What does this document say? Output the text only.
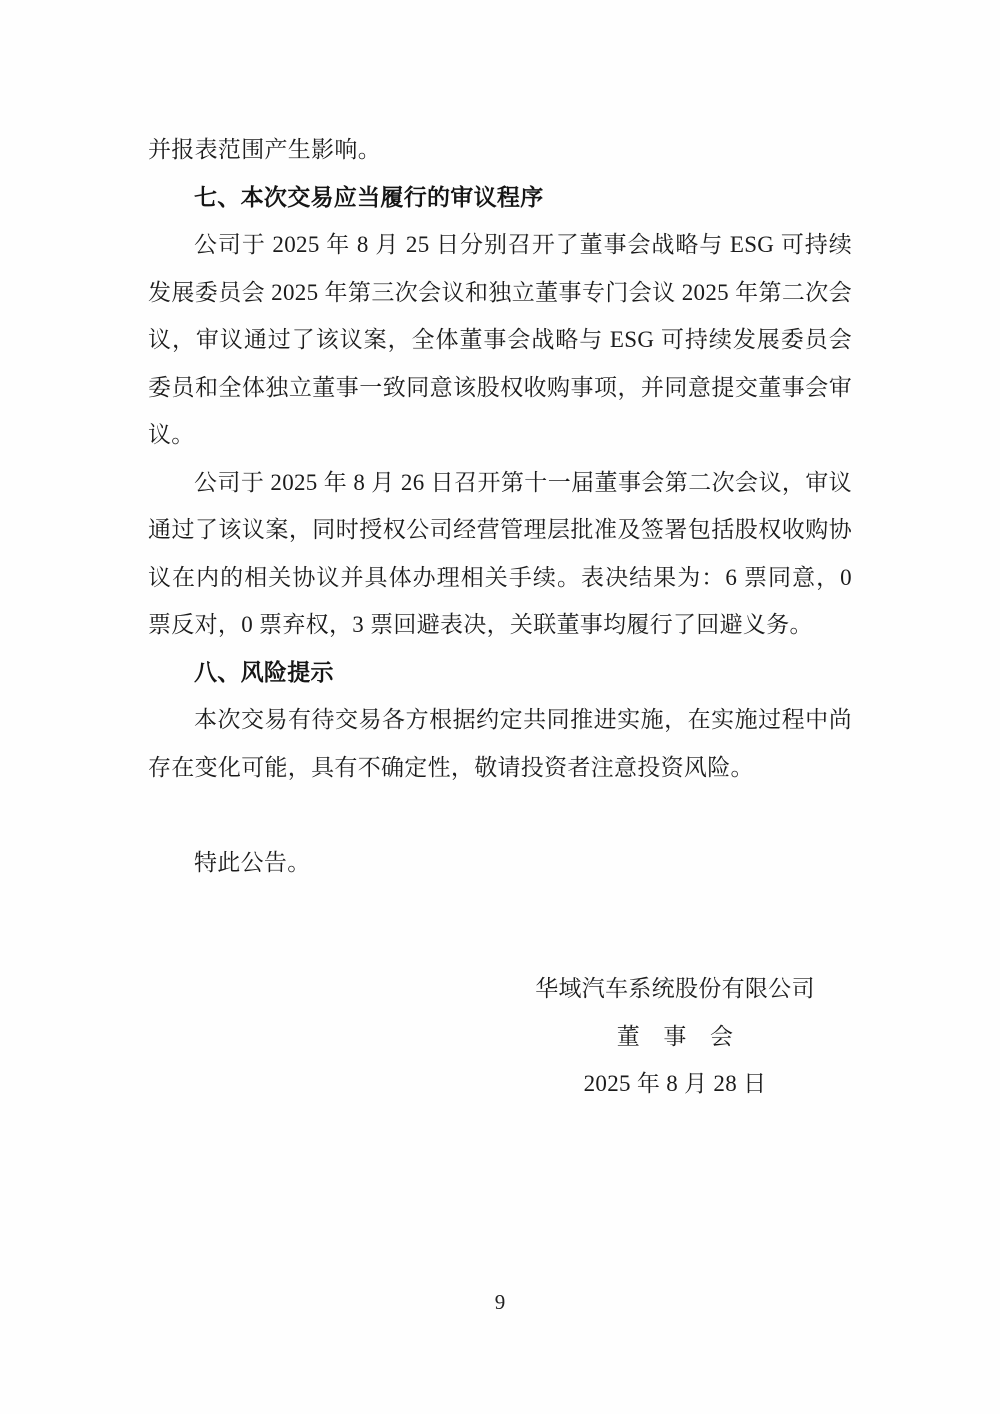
并报表范围产生影响。
七、本次交易应当履行的审议程序
公司于 2025 年 8 月 25 日分别召开了董事会战略与 ESG 可持续
发展委员会 2025 年第三次会议和独立董事专门会议 2025 年第二次会
议，审议通过了该议案，全体董事会战略与 ESG 可持续发展委员会
委员和全体独立董事一致同意该股权收购事项，并同意提交董事会审
议。
公司于 2025 年 8 月 26 日召开第十一届董事会第二次会议，审议
通过了该议案，同时授权公司经营管理层批准及签署包括股权收购协
议在内的相关协议并具体办理相关手续。表决结果为：6 票同意，0
票反对，0 票弃权，3 票回避表决，关联董事均履行了回避义务。
八、风险提示
本次交易有待交易各方根据约定共同推进实施，在实施过程中尚
存在变化可能，具有不确定性，敬请投资者注意投资风险。
特此公告。
华域汽车系统股份有限公司
董　事　会
2025 年 8 月 28 日
9
